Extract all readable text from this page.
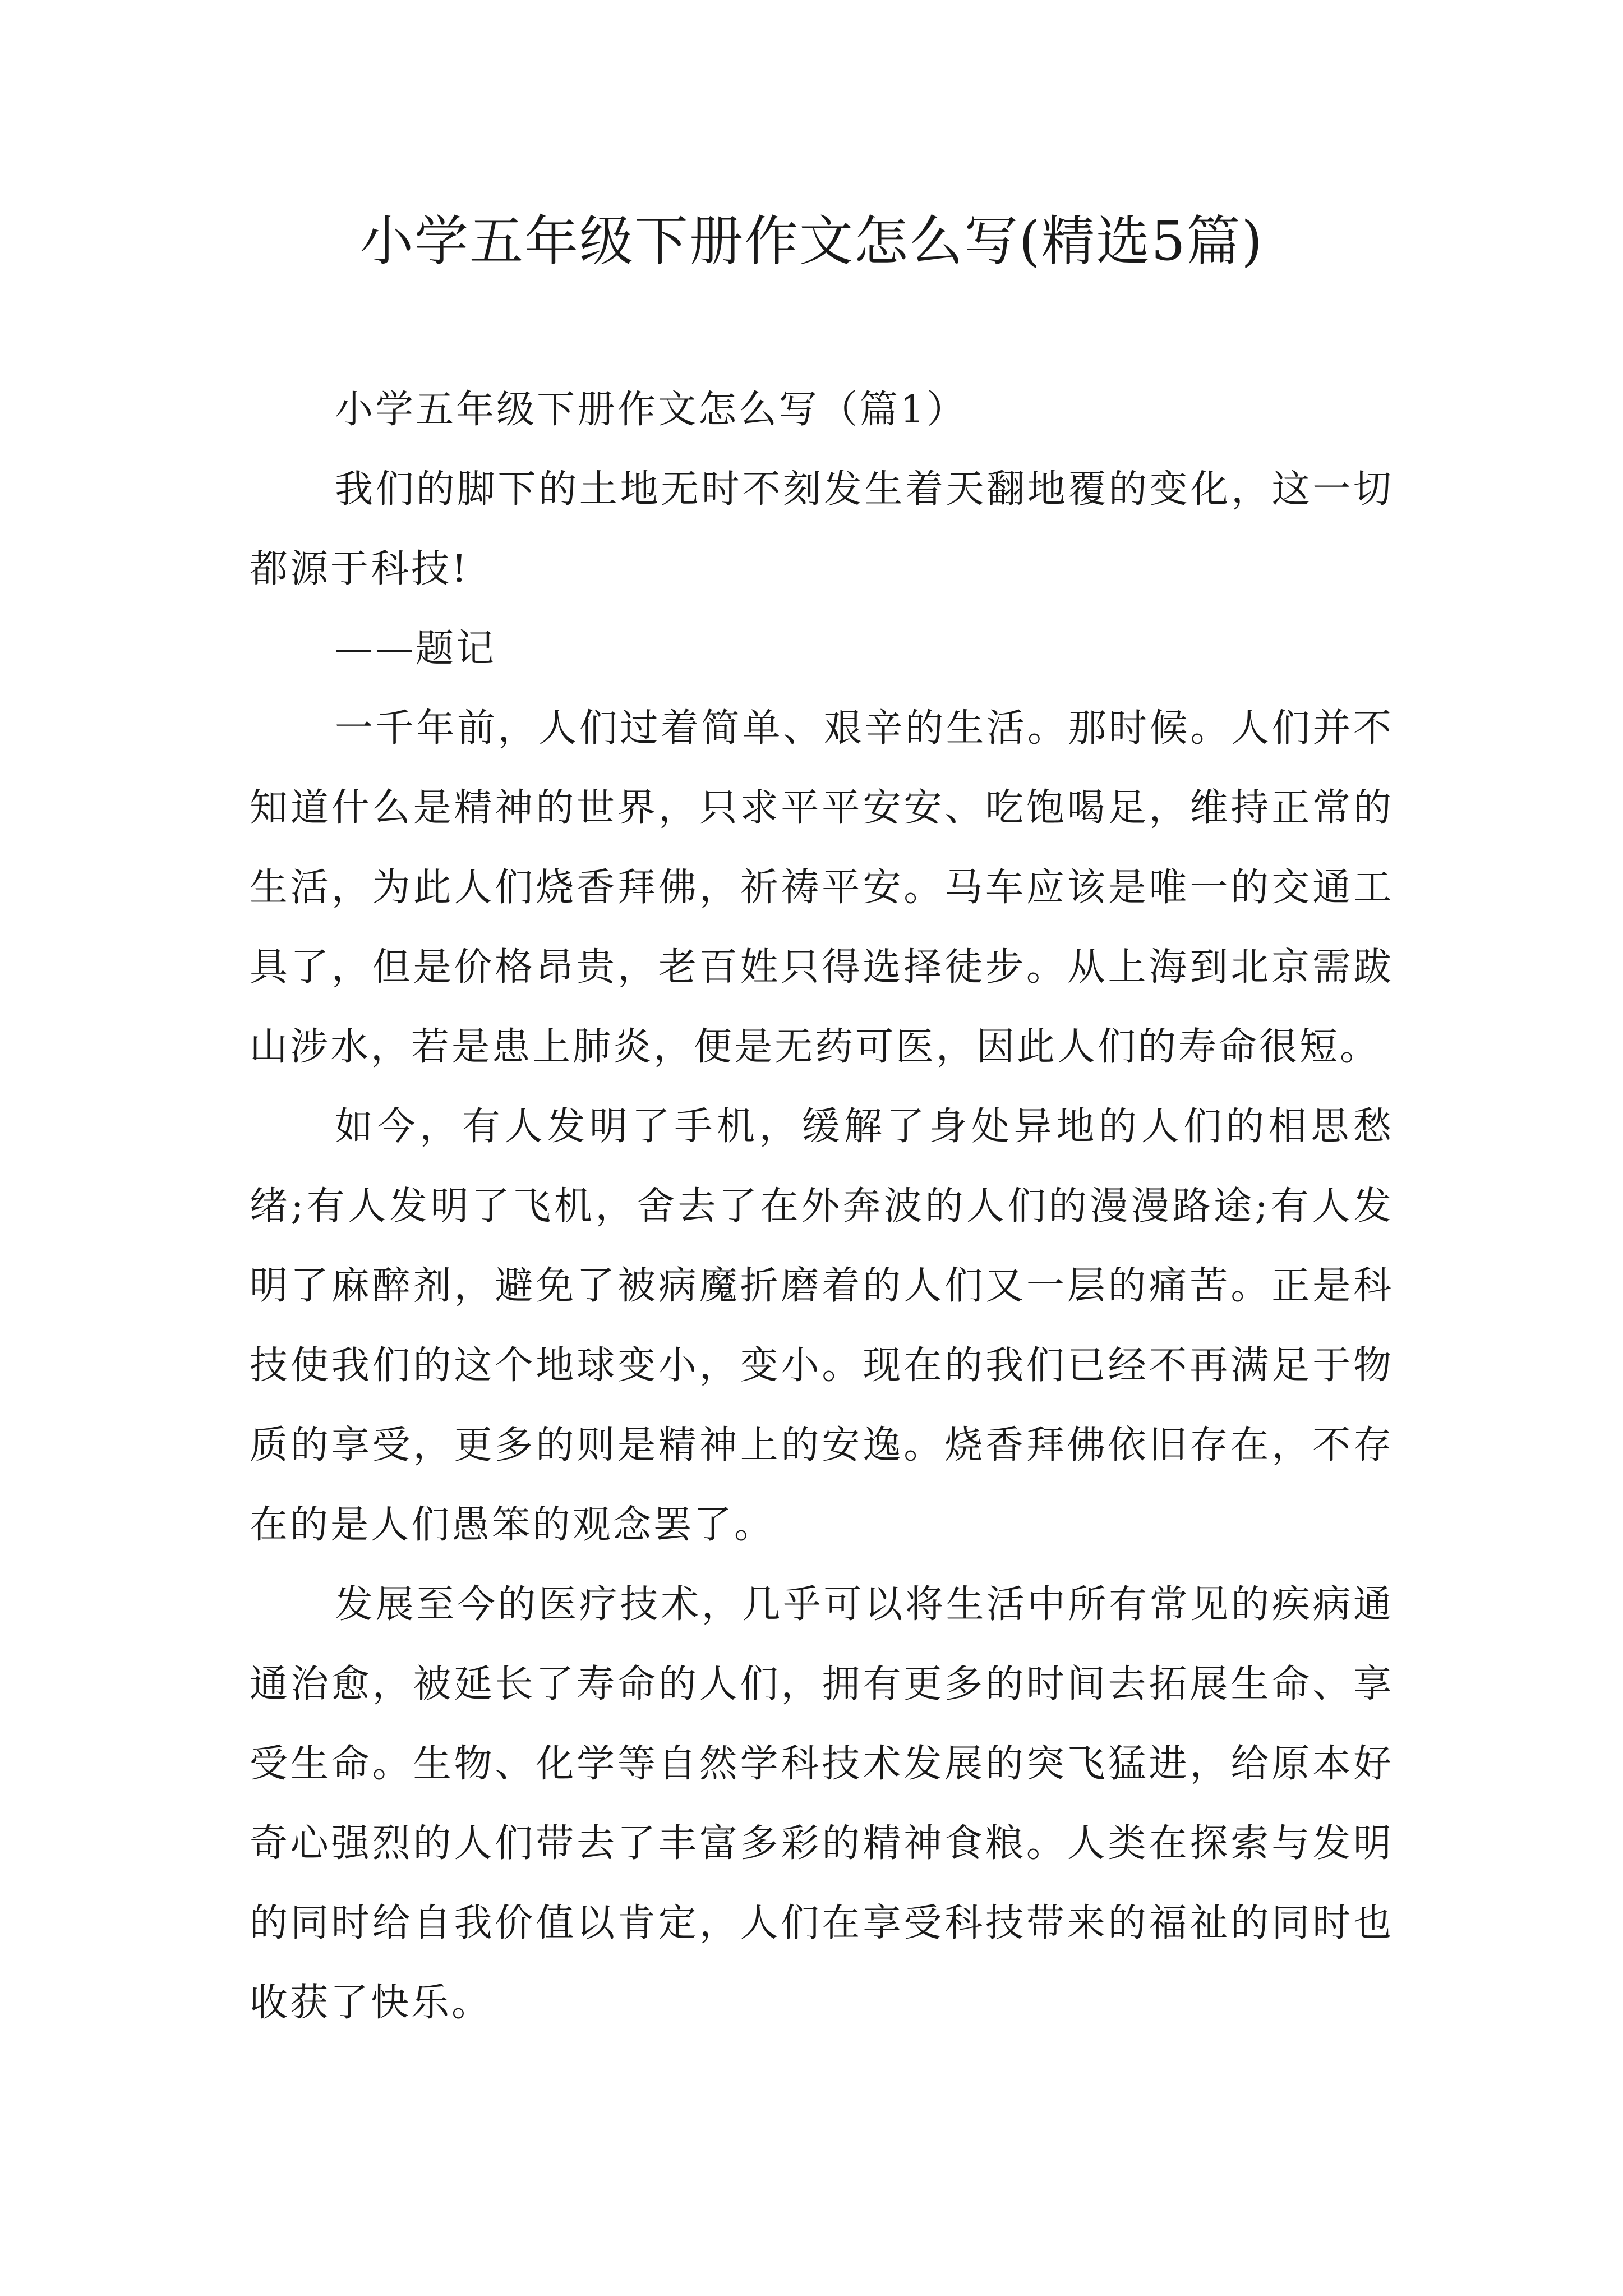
小学五年级下册作文怎么写(精选5篇)

小学五年级下册作文怎么写（篇1）

我们的脚下的土地无时不刻发生着天翻地覆的变化，这一切都源于科技!

——题记

一千年前，人们过着简单、艰辛的生活。那时候。人们并不知道什么是精神的世界，只求平平安安、吃饱喝足，维持正常的生活，为此人们烧香拜佛，祈祷平安。马车应该是唯一的交通工具了，但是价格昂贵，老百姓只得选择徒步。从上海到北京需跋山涉水，若是患上肺炎，便是无药可医，因此人们的寿命很短。

如今，有人发明了手机，缓解了身处异地的人们的相思愁绪;有人发明了飞机，舍去了在外奔波的人们的漫漫路途;有人发明了麻醉剂，避免了被病魔折磨着的人们又一层的痛苦。正是科技使我们的这个地球变小，变小。现在的我们已经不再满足于物质的享受，更多的则是精神上的安逸。烧香拜佛依旧存在，不存在的是人们愚笨的观念罢了。

发展至今的医疗技术，几乎可以将生活中所有常见的疾病通通治愈，被延长了寿命的人们，拥有更多的时间去拓展生命、享受生命。生物、化学等自然学科技术发展的突飞猛进，给原本好奇心强烈的人们带去了丰富多彩的精神食粮。人类在探索与发明的同时给自我价值以肯定，人们在享受科技带来的福祉的同时也收获了快乐。
